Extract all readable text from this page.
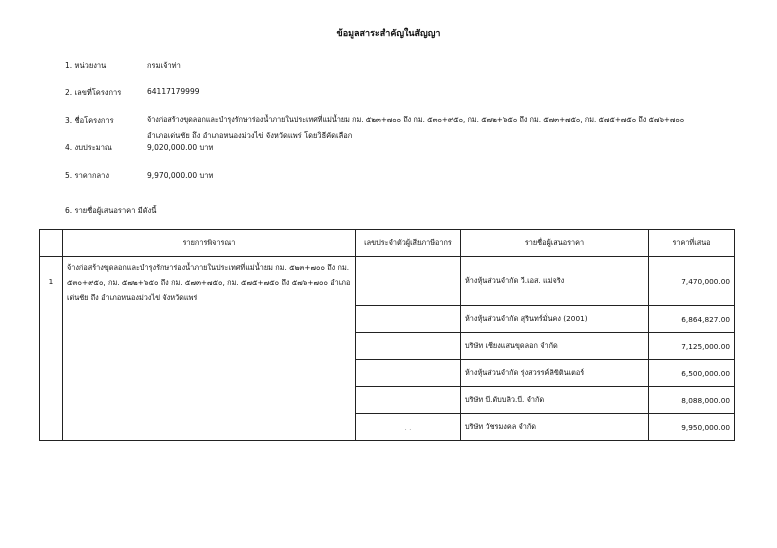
ข้อมูลสาระสำคัญในสัญญา
1. หน่วยงาน	กรมเจ้าท่า
2. เลขที่โครงการ	64117179999
3. ชื่อโครงการ	จ้างก่อสร้างขุดลอกและบำรุงรักษาร่องน้ำภายในประเทศที่แม่น้ำยม กม. ๕๒๓+๗๐๐ ถึง กม. ๕๓๐+๙๕๐, กม. ๕๗๒+๖๕๐ ถึง กม. ๕๗๓+๗๕๐, กม. ๕๗๕+๗๕๐ ถึง ๕๗๖+๗๐๐
อำเภอเด่นชัย ถึง อำเภอหนองม่วงไข่ จังหวัดแพร่ โดยวิธีคัดเลือก
4. งบประมาณ	9,020,000.00 บาท
5. ราคากลาง	9,970,000.00 บาท
6. รายชื่อผู้เสนอราคา มีดังนี้
	รายการพิจารณา	เลขประจำตัวผู้เสียภาษีอากร	รายชื่อผู้เสนอราคา	ราคาที่เสนอ
1	จ้างก่อสร้างขุดลอกและบำรุงรักษาร่องน้ำภายในประเทศที่แม่น้ำยม กม. ๕๒๓+๗๐๐ ถึง กม. ๕๓๐+๙๕๐, กม. ๕๗๒+๖๕๐ ถึง กม. ๕๗๓+๗๕๐, กม. ๕๗๕+๗๕๐ ถึง ๕๗๖+๗๐๐ อำเภอเด่นชัย ถึง อำเภอหนองม่วงไข่ จังหวัดแพร่		ห้างหุ้นส่วนจำกัด วี.เอส. แม่จริง	7,470,000.00
			ห้างหุ้นส่วนจำกัด สุรินทร์มั่นคง (2001)	6,864,827.00
			บริษัท เชียงแสนขุดลอก จำกัด	7,125,000.00
			ห้างหุ้นส่วนจำกัด รุ่งสวรรค์ลิขิตินเตอร์	6,500,000.00
			บริษัท บี.ดับบลิว.บี. จำกัด	8,088,000.00
		. .	บริษัท วัชรมงคล จำกัด	9,950,000.00
